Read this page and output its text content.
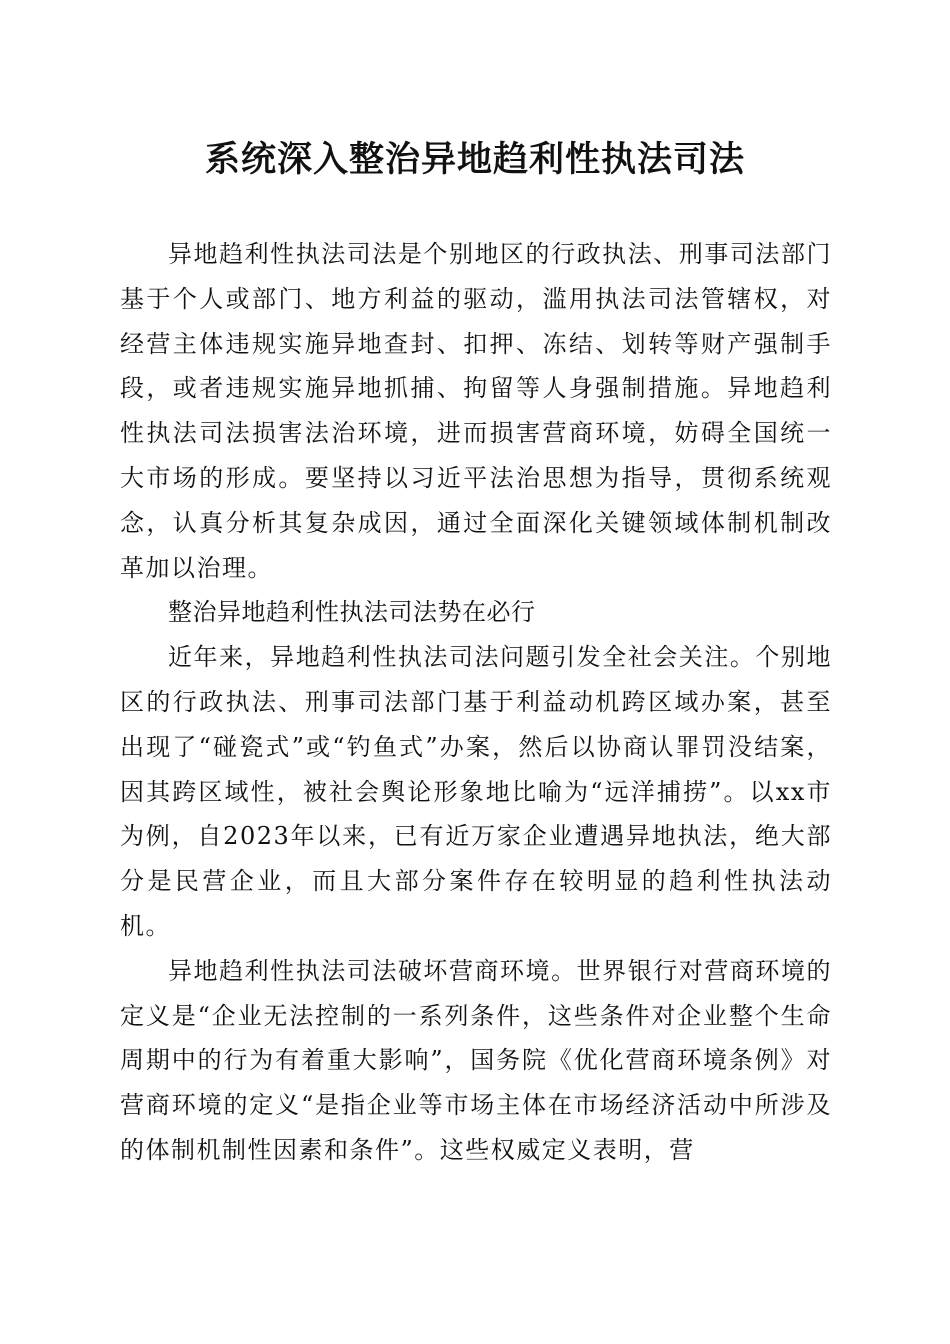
系统深入整治异地趋利性执法司法

异地趋利性执法司法是个别地区的行政执法、刑事司法部门基于个人或部门、地方利益的驱动，滥用执法司法管辖权，对经营主体违规实施异地查封、扣押、冻结、划转等财产强制手段，或者违规实施异地抓捕、拘留等人身强制措施。异地趋利性执法司法损害法治环境，进而损害营商环境，妨碍全国统一大市场的形成。要坚持以习近平法治思想为指导，贯彻系统观念，认真分析其复杂成因，通过全面深化关键领域体制机制改革加以治理。

整治异地趋利性执法司法势在必行

近年来，异地趋利性执法司法问题引发全社会关注。个别地区的行政执法、刑事司法部门基于利益动机跨区域办案，甚至出现了“碰瓷式”或“钓鱼式”办案，然后以协商认罪罚没结案，因其跨区域性，被社会舆论形象地比喻为“远洋捕捞”。以xx市为例，自2023年以来，已有近万家企业遭遇异地执法，绝大部分是民营企业，而且大部分案件存在较明显的趋利性执法动机。

异地趋利性执法司法破坏营商环境。世界银行对营商环境的定义是“企业无法控制的一系列条件，这些条件对企业整个生命周期中的行为有着重大影响”，国务院《优化营商环境条例》对营商环境的定义“是指企业等市场主体在市场经济活动中所涉及的体制机制性因素和条件”。这些权威定义表明，营
